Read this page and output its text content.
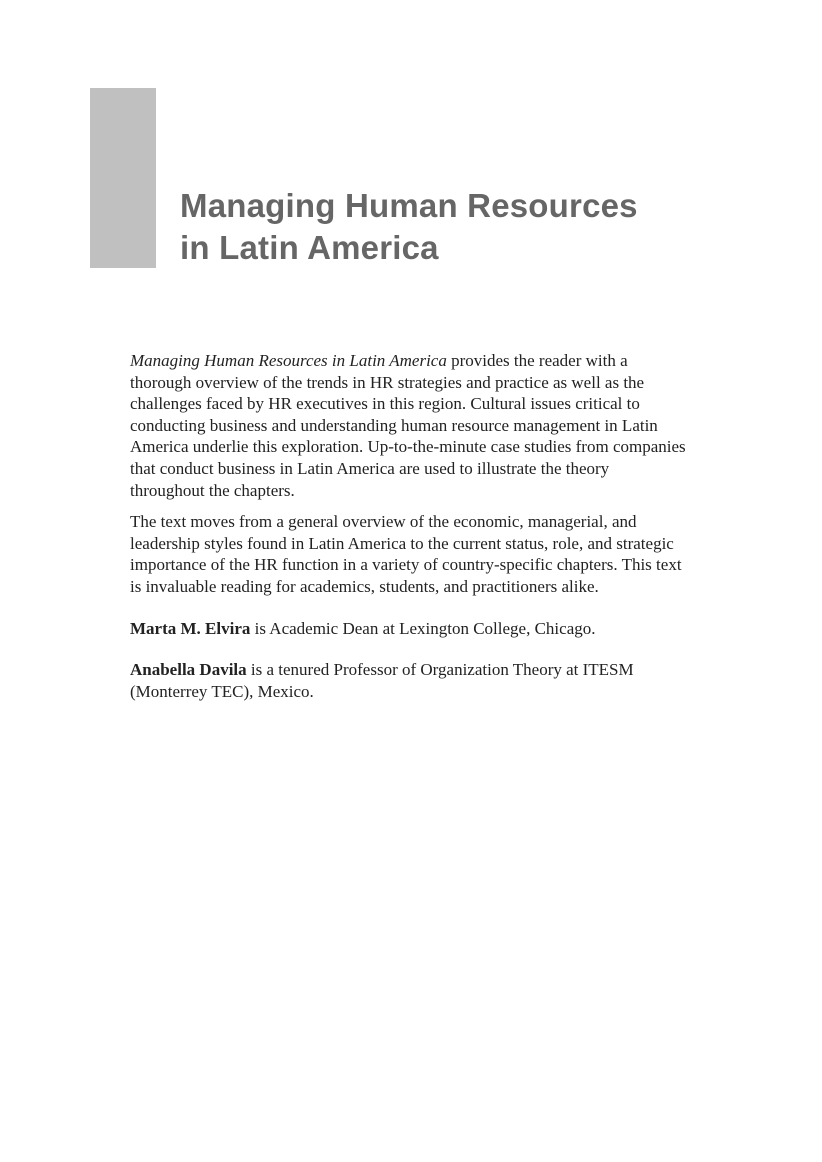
Managing Human Resources
in Latin America
Managing Human Resources in Latin America provides the reader with a
thorough overview of the trends in HR strategies and practice as well as the
challenges faced by HR executives in this region. Cultural issues critical to
conducting business and understanding human resource management in Latin
America underlie this exploration. Up-to-the-minute case studies from companies
that conduct business in Latin America are used to illustrate the theory
throughout the chapters.
The text moves from a general overview of the economic, managerial, and
leadership styles found in Latin America to the current status, role, and strategic
importance of the HR function in a variety of country-specific chapters. This text
is invaluable reading for academics, students, and practitioners alike.
Marta M. Elvira is Academic Dean at Lexington College, Chicago.
Anabella Davila is a tenured Professor of Organization Theory at ITESM
(Monterrey TEC), Mexico.
